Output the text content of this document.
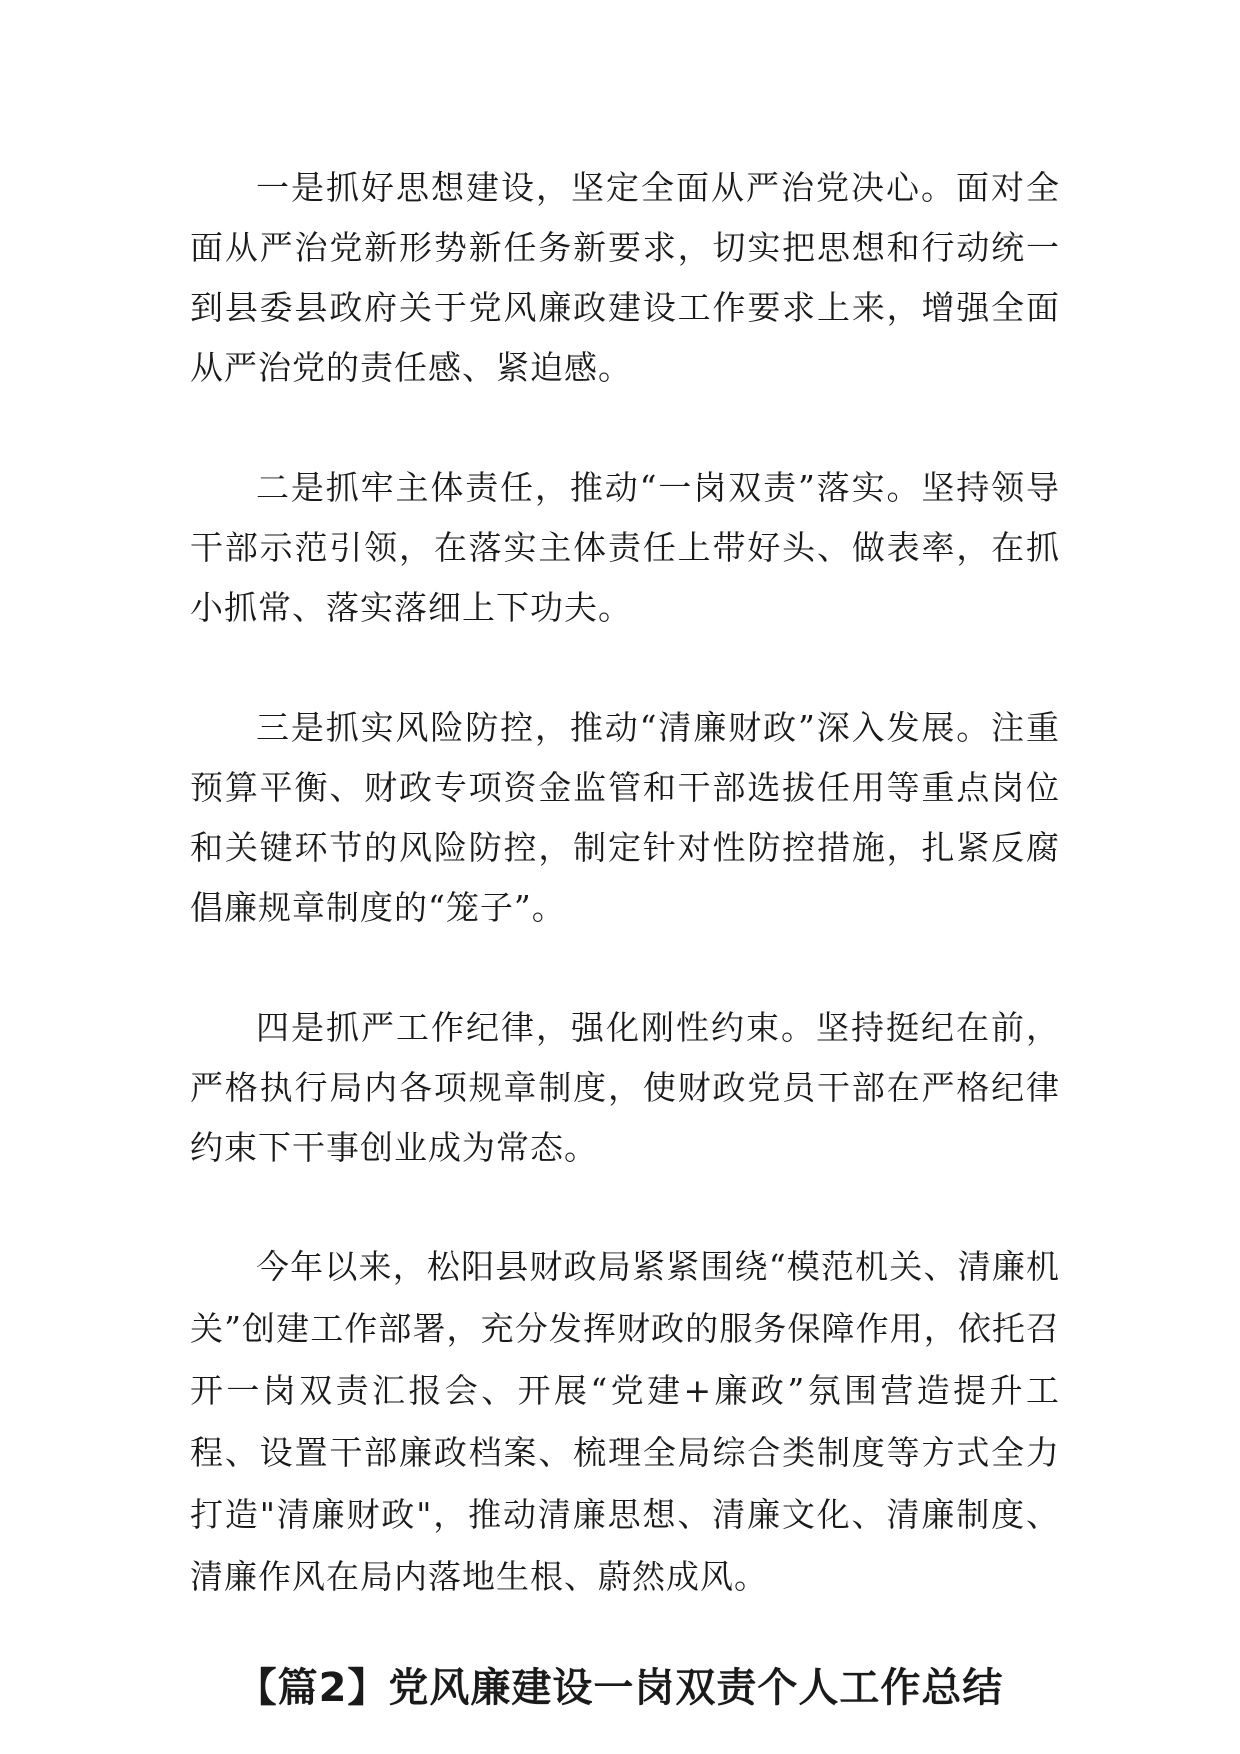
一是抓好思想建设，坚定全面从严治党决心。面对全面从严治党新形势新任务新要求，切实把思想和行动统一到县委县政府关于党风廉政建设工作要求上来，增强全面从严治党的责任感、紧迫感。

二是抓牢主体责任，推动“一岗双责”落实。坚持领导干部示范引领，在落实主体责任上带好头、做表率，在抓小抓常、落实落细上下功夫。

三是抓实风险防控，推动“清廉财政”深入发展。注重预算平衡、财政专项资金监管和干部选拔任用等重点岗位和关键环节的风险防控，制定针对性防控措施，扎紧反腐倡廉规章制度的“笼子”。

四是抓严工作纪律，强化刚性约束。坚持挺纪在前，严格执行局内各项规章制度，使财政党员干部在严格纪律约束下干事创业成为常态。

今年以来，松阳县财政局紧紧围绕“模范机关、清廉机关”创建工作部署，充分发挥财政的服务保障作用，依托召开一岗双责汇报会、开展“党建+廉政”氛围营造提升工程、设置干部廉政档案、梳理全局综合类制度等方式全力打造"清廉财政"，推动清廉思想、清廉文化、清廉制度、清廉作风在局内落地生根、蔚然成风。

【篇2】党风廉建设一岗双责个人工作总结
